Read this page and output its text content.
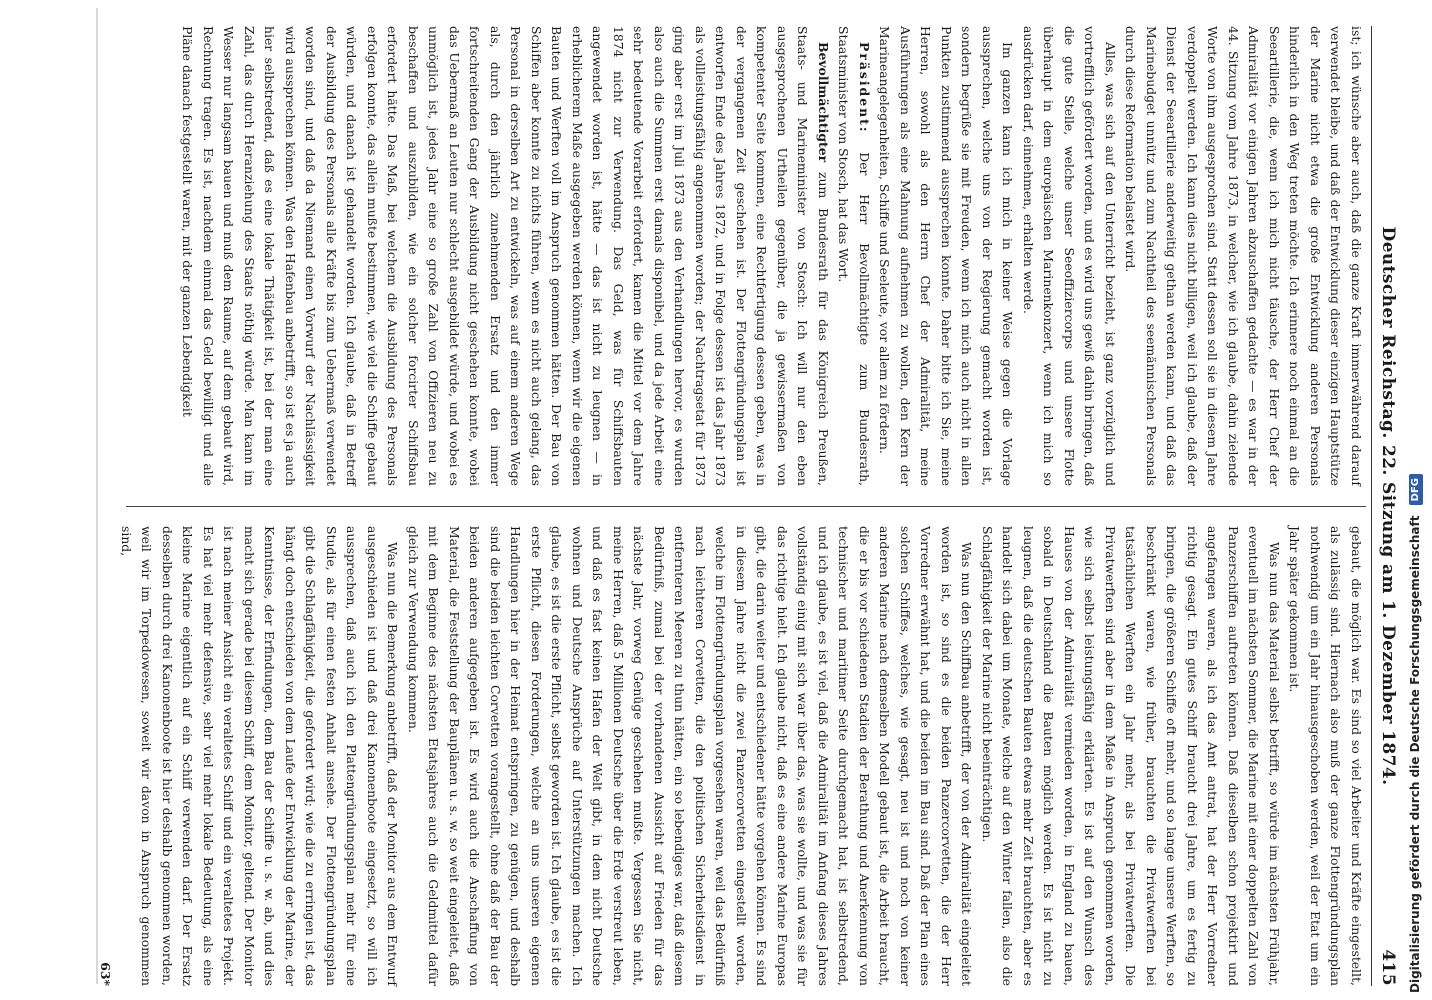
Deutscher Reichstag. 22. Sitzung am 1. Dezember 1874.
415

ist; ich wünsche aber auch, daß die ganze Kraft immerwährend darauf verwendet bleibe, und daß der Entwicklung dieser einzigen Hauptstütze der Marine nicht etwa die große Entwicklung anderen Personals hinderlich in den Weg treten möchte. Ich erinnere noch einmal an die Seeartillerie, die, wenn ich mich nicht täusche, der Herr Chef der Admiralität vor einigen Jahren abzuschaffen gedachte — es war in der 44. Sitzung vom Jahre 1873, in welcher, wie ich glaube, dahin zielende Worte von ihm ausgesprochen sind. Statt dessen soll sie in diesem Jahre verdoppelt werden. Ich kann dies nicht billigen, weil ich glaube, daß der Dienst der Seeartillerie anderweitig gethan werden kann, und daß das Marinebudget unnütz und zum Nachtheil des seemännischen Personals durch diese Reformation belastet wird.

Alles, was sich auf den Unterricht bezieht, ist ganz vorzüglich und vortrefflich gefördert worden, und es wird uns gewiß dahin bringen, daß die gute Stelle, welche unser Seeoffiziercorps und unsere Flotte überhaupt in dem europäischen Marinenkonzert, wenn ich mich so ausdrücken darf, einnehmen, erhalten werde.

Im ganzen kann ich mich in keiner Weise gegen die Vorlage aussprechen, welche uns von der Regierung gemacht worden ist, sondern begrüße sie mit Freuden, wenn ich mich auch nicht in allen Punkten zustimmend aussprechen konnte. Daher bitte ich Sie, meine Herren, sowohl als den Herrn Chef der Admiralität, meine Ausführungen als eine Mahnung aufnehmen zu wollen, den Kern der Marineangelegenheiten, Schiffe und Seeleute, vor allem zu fördern.

Präsident: Der Herr Bevollmächtigte zum Bundesrath, Staatsminister von Stosch, hat das Wort.

Bevollmächtigter zum Bundesrath für das Königreich Preußen, Staats- und Marineminister von Stosch: Ich will nur den eben ausgesprochenen Urtheilen gegenüber, die ja gewissermaßen von kompetenter Seite kommen, eine Rechtfertigung dessen geben, was in der vergangenen Zeit geschehen ist. Der Flottengründungsplan ist entworfen Ende des Jahres 1872, und in Folge dessen ist das Jahr 1873 als vollleistungsfähig angenommen worden; der Nachtragsetat für 1873 ging aber erst im Juli 1873 aus den Verhandlungen hervor, es wurden also auch die Summen erst damals disponibel, und da jede Arbeit eine sehr bedeutende Vorarbeit erfordert, kamen die Mittel vor dem Jahre 1874 nicht zur Verwendung. Das Geld, was für Schiffsbauten angewendet worden ist, hätte — das ist nicht zu leugnen — in erheblicherem Maße ausgegeben werden können, wenn wir die eigenen Bauten und Werften voll im Anspruch genommen hätten. Der Bau von Schiffen aber konnte zu nichts führen, wenn es nicht auch gelang, das Personal in derselben Art zu entwickeln, was auf einem anderen Wege als, durch den jährlich zunehmenden Ersatz und den immer fortschreitenden Gang der Ausbildung nicht geschehen konnte, wobei das Uebermaß an Leuten nur schlecht ausgebildet würde, und wobei es unmöglich ist, jedes Jahr eine so große Zahl von Offizieren neu zu beschaffen und auszubilden, wie ein solcher forcirter Schiffsbau erfordert hätte. Das Maß, bei welchem die Ausbildung des Personals erfolgen konnte, das allein mußte bestimmen, wie viel die Schiffe gebaut würden, und danach ist gehandelt worden. Ich glaube, daß in Betreff der Ausbildung des Personals alle Kräfte bis zum Uebermaß verwendet worden sind, und daß da Niemand einen Vorwurf der Nachlässigkeit wird aussprechen können. Was den Hafenbau anbetrifft, so ist es ja auch hier selbstredend, daß es eine lokale Thätigkeit ist, bei der man eine Zahl, das durch Heranziehung des Staats nöthig würde. Man kann im Wesser nur langsam bauen und muß dem Raume, auf dem gebaut wird, Rechnung tragen. Es ist, nachdem einmal das Geld bewilligt und alle Pläne danach festgestellt waren, mit der ganzen Lebendigkeit

gebaut, die möglich war. Es sind so viel Arbeiter und Kräfte eingestellt, als zulässig sind. Hiernach also muß der ganze Flottengründungsplan nothwendig um ein Jahr hinausgeschoben werden, weil der Etat um ein Jahr später gekommen ist.

Was nun das Material selbst betrifft, so würde im nächsten Frühjahr, eventuell im nächsten Sommer, die Marine mit einer doppelten Zahl von Panzerschiffen auftreten können. Daß dieselben schon projektirt und angefangen waren, als ich das Amt antrat, hat der Herr Vorredner richtig gesagt. Ein gutes Schiff braucht drei Jahre, um es fertig zu bringen, die größeren Schiffe oft mehr, und so lange unsere Werften, so beschränkt waren, wie früher, brauchten die Privatwerften bei tatsächlichen Werften ein Jahr mehr, als bei Privatwerften. Die Privatwerften sind aber in dem Maße in Anspruch genommen worden, wie sich selbst leistungsfähig erklärten. Es ist auf den Wunsch des Hauses von der Admiralität vermieden worden, in England zu bauen, sobald in Deutschland die Bauten möglich werden. Es ist nicht zu leugnen, daß die deutschen Bauten etwas mehr Zeit brauchten, aber es handelt sich dabei um Monate, welche auf den Winter fallen, also die Schlagfähigkeit der Marine nicht beeinträchtigen.

Was nun den Schiffbau anbetrifft, der von der Admiralität eingeleitet worden ist, so sind es die beiden Panzercorvetten, die der Herr Vorredner erwähnt hat, und die beiden im Bau sind. Daß der Plan eines solchen Schiffes, welches, wie gesagt, neu ist und noch von keiner anderen Marine nach demselben Modell gebaut ist, die Arbeit braucht, die er bis vor schiedenen Stadien der Berathung und Anerkennung von technischer und maritimer Seite durchgemacht hat, ist selbstredend, und ich glaube, es ist viel, daß die Admiralität im Anfang dieses Jahres vollständig einig mit sich war über das, was sie wollte, und was sie für das richtige hielt. Ich glaube nicht, daß es eine andere Marine Europas gibt, die darin weiter und entschiedener hätte vorgehen können. Es sind in diesem Jahre nicht die zwei Panzercorvetten eingestellt worden, welche im Flottengründungsplan vorgesehen waren, weil das Bedürfniß nach leichteren Corvetten, die den politischen Sicherheitsdienst in entfernteren Meeren zu thun hätten, ein so lebendiges war, daß diesem Bedürfniß, zumal bei der vorhandenen Aussicht auf Frieden für das nächste Jahr, vorweg Genüge geschehen mußte. Vergessen Sie nicht, meine Herren, daß 5 Millionen Deutsche über die Erde verstreut leben, und daß es fast keinen Hafen der Welt gibt, in dem nicht Deutsche wohnen und Deutsche Ansprüche auf Unterstützungen machen. Ich glaube, es ist die erste Pflicht, selbst geworden ist. Ich glaube, es ist die erste Pflicht, diesen Forderungen, welche an uns unseren eigenen Handlungen hier in der Heimat entspringen, zu genügen, und deshalb sind die beiden leichten Corvetten vorangestellt, ohne daß der Bau der beiden anderen aufgegeben ist. Es wird auch die Anschaffung von Material, die Feststellung der Bauplänen u. s. w. so weit eingeleitet, daß mit dem Beginne des nächsten Etatsjahres auch die Geldmittel dafür gleich zur Verwendung kommen.

Was nun die Bemerkung anbetrifft, daß der Monitor aus dem Entwurf ausgeschieden ist und daß drei Kanonenboote eingesetzt, so will ich aussprechen, daß auch ich den Plattengründungsplan mehr für eine Studie, als für einen festen Anhalt ansehe. Der Flottengründungsplan gibt die Schlagfähigkeit, die gefordert wird; wie die zu erringen ist, das hängt doch entschieden von dem Laufe der Entwicklung der Marine, der Kenntnisse, der Erfindungen, dem Bau der Schiffe u. s. w. ab, und dies macht sich gerade bei diesem Schiff, dem Monitor, geltend. Der Monitor ist nach meiner Ansicht ein veraltetes Schiff und ein veraltetes Projekt. Es hat viel mehr defensive, sehr viel mehr lokale Bedeutung, als eine kleine Marine eigentlich auf ein Schiff verwenden darf. Der Ersatz desselben durch drei Kanonenboote ist hier deshalb genommen worden, weil wir im Torpedowesen, soweit wir davon in Anspruch genommen sind,

63*	Digitalisierung gefördert durch die Deutsche Forschungsgemeinschaft DFG
